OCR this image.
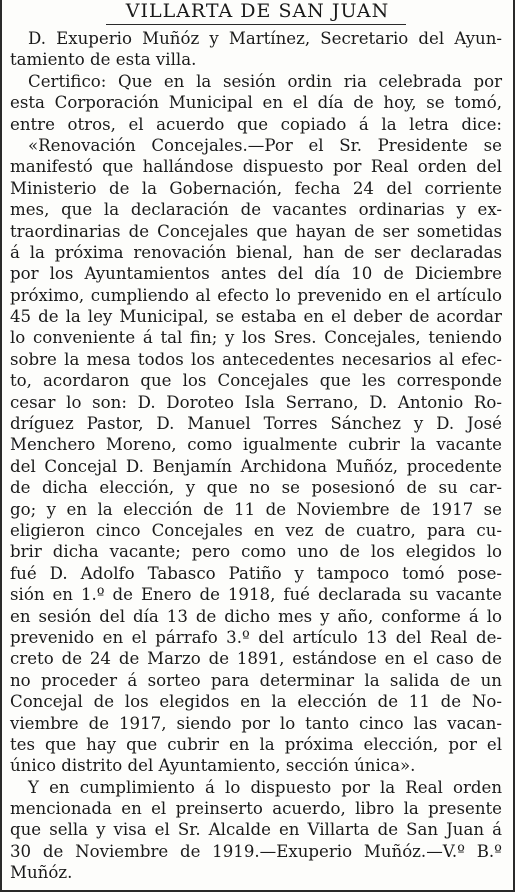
VILLARTA DE SAN JUAN
D. Exuperio Muñóz y Martínez, Secretario del Ayun-
tamiento de esta villa.
Certifico: Que en la sesión ordin ria celebrada por
esta Corporación Municipal en el día de hoy, se tomó,
entre otros, el acuerdo que copiado á la letra dice:
«Renovación Concejales.—Por el Sr. Presidente se
manifestó que hallándose dispuesto por Real orden del
Ministerio de la Gobernación, fecha 24 del corriente
mes, que la declaración de vacantes ordinarias y ex-
traordinarias de Concejales que hayan de ser sometidas
á la próxima renovación bienal, han de ser declaradas
por los Ayuntamientos antes del día 10 de Diciembre
próximo, cumpliendo al efecto lo prevenido en el artículo
45 de la ley Municipal, se estaba en el deber de acordar
lo conveniente á tal fin; y los Sres. Concejales, teniendo
sobre la mesa todos los antecedentes necesarios al efec-
to, acordaron que los Concejales que les corresponde
cesar lo son: D. Doroteo Isla Serrano, D. Antonio Ro-
dríguez Pastor, D. Manuel Torres Sánchez y D. José
Menchero Moreno, como igualmente cubrir la vacante
del Concejal D. Benjamín Archidona Muñóz, procedente
de dicha elección, y que no se posesionó de su car-
go; y en la elección de 11 de Noviembre de 1917 se
eligieron cinco Concejales en vez de cuatro, para cu-
brir dicha vacante; pero como uno de los elegidos lo
fué D. Adolfo Tabasco Patiño y tampoco tomó pose-
sión en 1.º de Enero de 1918, fué declarada su vacante
en sesión del día 13 de dicho mes y año, conforme á lo
prevenido en el párrafo 3.º del artículo 13 del Real de-
creto de 24 de Marzo de 1891, estándose en el caso de
no proceder á sorteo para determinar la salida de un
Concejal de los elegidos en la elección de 11 de No-
viembre de 1917, siendo por lo tanto cinco las vacan-
tes que hay que cubrir en la próxima elección, por el
único distrito del Ayuntamiento, sección única».
Y en cumplimiento á lo dispuesto por la Real orden
mencionada en el preinserto acuerdo, libro la presente
que sella y visa el Sr. Alcalde en Villarta de San Juan á
30 de Noviembre de 1919.—Exuperio Muñóz.—V.º B.º
Muñóz.
